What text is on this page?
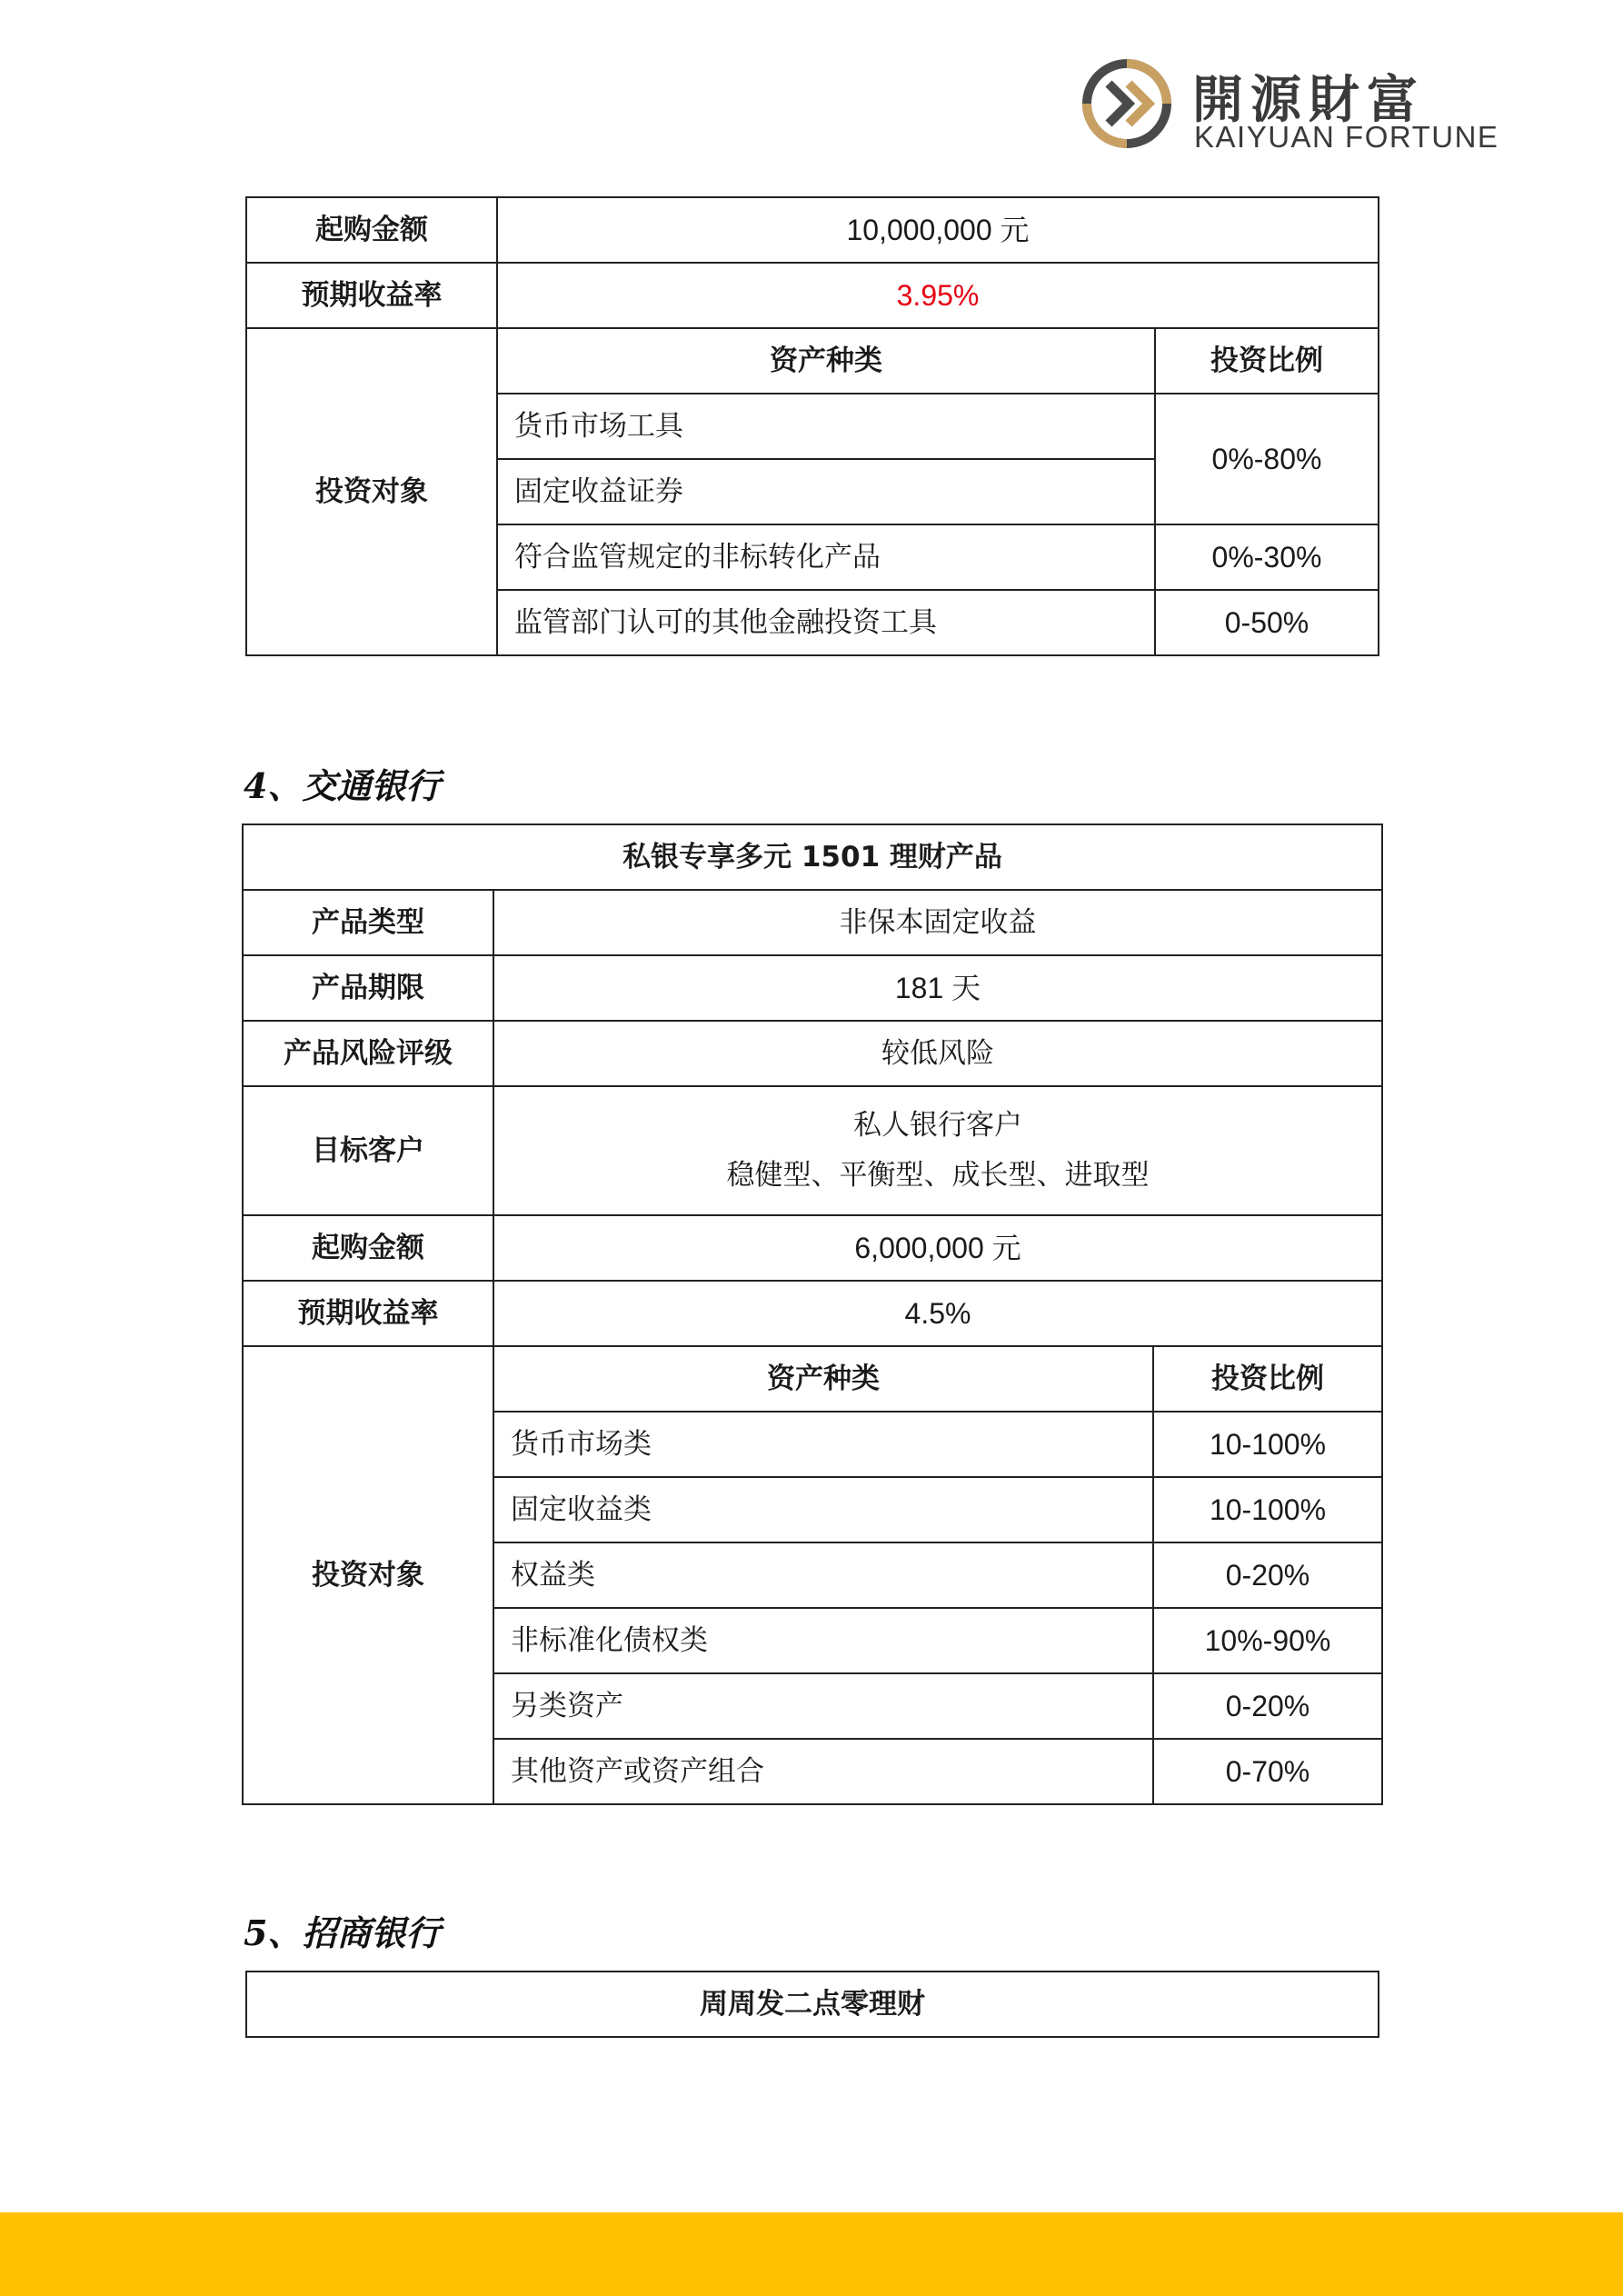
開源財富
KAIYUAN FORTUNE
起购金额	10,000,000 元	
预期收益率	3.95%	
投资对象	资产种类	投资比例
	货币市场工具	0%-80%
	固定收益证券	
	符合监管规定的非标转化产品	0%-30%
	监管部门认可的其他金融投资工具	0-50%
4、交通银行
私银专享多元 1501 理财产品		
产品类型	非保本固定收益	
产品期限	181 天	
产品风险评级	较低风险	
目标客户	私人银行客户
稳健型、平衡型、成长型、进取型	

起购金额	6,000,000 元	
预期收益率	4.5%	
投资对象	资产种类	投资比例
	货币市场类	10-100%
	固定收益类	10-100%
	权益类	0-20%
	非标准化债权类	10%-90%
	另类资产	0-20%
	其他资产或资产组合	0-70%
5、招商银行
周周发二点零理财
